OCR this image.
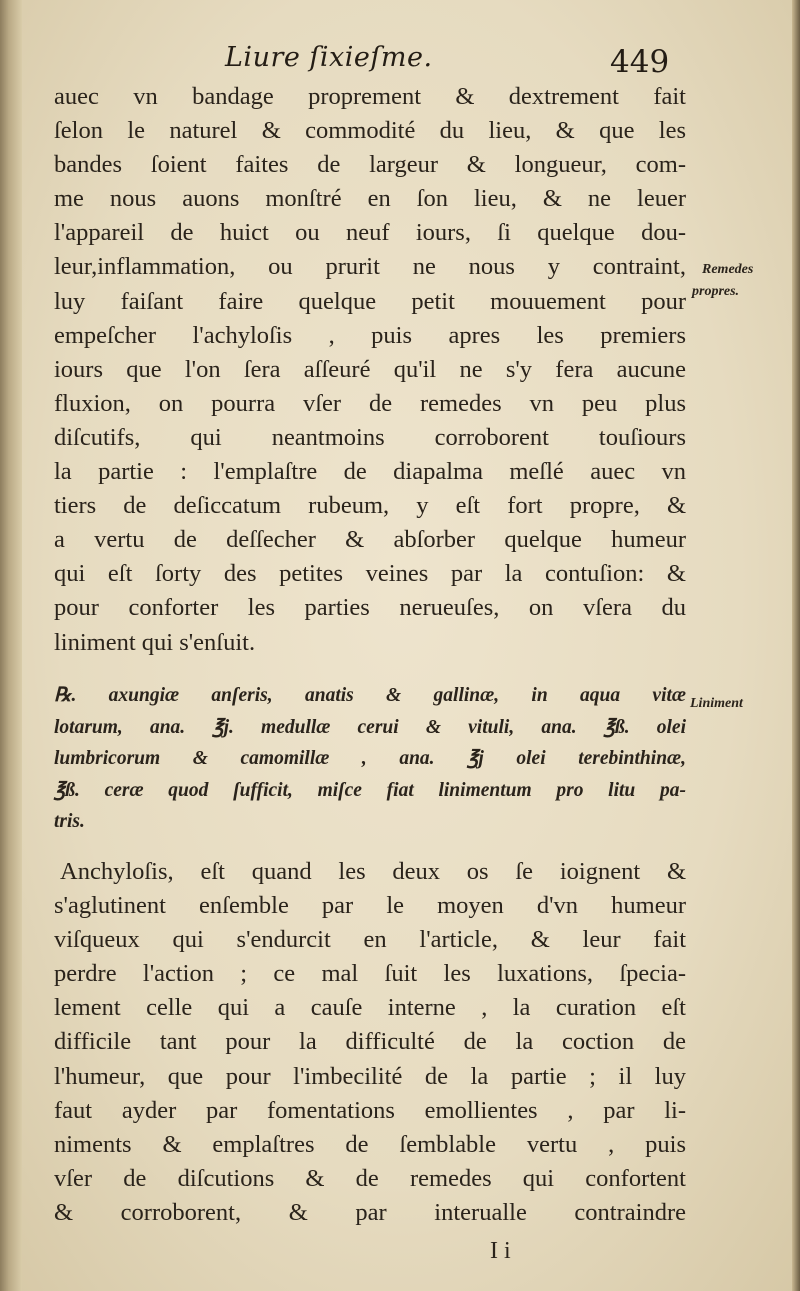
Liure ſixieſme.	449
auec vn bandage proprement & dextrement fait
ſelon le naturel & commodité du lieu, & que les
bandes ſoient faites de largeur & longueur, com-
me nous auons monſtré en ſon lieu, & ne leuer
l'appareil de huict ou neuf iours, ſi quelque dou-
leur,inflammation, ou prurit ne nous y contraint,
luy faiſant faire quelque petit mouuement pour
empeſcher l'achyloſis , puis apres les premiers
iours que l'on ſera aſſeuré qu'il ne s'y fera aucune
fluxion, on pourra vſer de remedes vn peu plus
diſcutifs, qui neantmoins corroborent touſiours
la partie : l'emplaſtre de diapalma meſlé auec vn
tiers de deſiccatum rubeum, y eſt fort propre, &
a vertu de deſſecher & abſorber quelque humeur
qui eſt ſorty des petites veines par la contuſion: &
pour conforter les parties nerueuſes, on vſera du
liniment qui s'enſuit.
℞. axungiæ anſeris, anatis & gallinæ, in aqua vitæ
lotarum, ana. ℥j. medullæ cerui & vituli, ana. ℥ß. olei
lumbricorum & camomillæ , ana. ℥j olei terebinthinæ,
℥ß. ceræ quod ſufficit, miſce fiat linimentum pro litu pa-
tris.
Anchyloſis, eſt quand les deux os ſe ioignent &
s'aglutinent enſemble par le moyen d'vn humeur
viſqueux qui s'endurcit en l'article, & leur fait
perdre l'action ; ce mal ſuit les luxations, ſpecia-
lement celle qui a cauſe interne , la curation eſt
difficile tant pour la difficulté de la coction de
l'humeur, que pour l'imbecilité de la partie ; il luy
faut ayder par fomentations emollientes , par li-
niments & emplaſtres de ſemblable vertu , puis
vſer de diſcutions & de remedes qui confortent
& corroborent, & par interualle contraindre
Remedes
propres.
Liniment
I i
